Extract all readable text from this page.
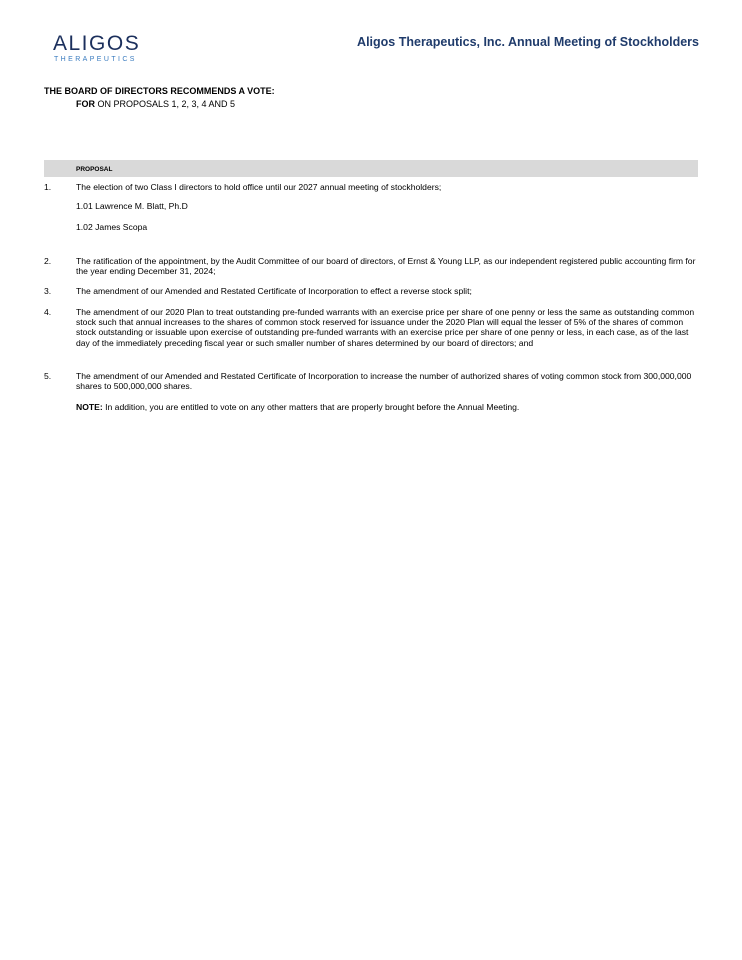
ALIGOS
THERAPEUTICS
Aligos Therapeutics, Inc. Annual Meeting of Stockholders
THE BOARD OF DIRECTORS RECOMMENDS A VOTE:
FOR ON PROPOSALS 1, 2, 3, 4 AND 5
PROPOSAL
1.	The election of two Class I directors to hold office until our 2027 annual meeting of stockholders;
1.01 Lawrence M. Blatt, Ph.D
1.02 James Scopa
2.	The ratification of the appointment, by the Audit Committee of our board of directors, of Ernst & Young LLP, as our independent registered public accounting firm for the year ending December 31, 2024;
3.	The amendment of our Amended and Restated Certificate of Incorporation to effect a reverse stock split;
4.	The amendment of our 2020 Plan to treat outstanding pre-funded warrants with an exercise price per share of one penny or less the same as outstanding common stock such that annual increases to the shares of common stock reserved for issuance under the 2020 Plan will equal the lesser of 5% of the shares of common stock outstanding or issuable upon exercise of outstanding pre-funded warrants with an exercise price per share of one penny or less, in each case, as of the last day of the immediately preceding fiscal year or such smaller number of shares determined by our board of directors; and
5.	The amendment of our Amended and Restated Certificate of Incorporation to increase the number of authorized shares of voting common stock from 300,000,000 shares to 500,000,000 shares.
NOTE: In addition, you are entitled to vote on any other matters that are properly brought before the Annual Meeting.
